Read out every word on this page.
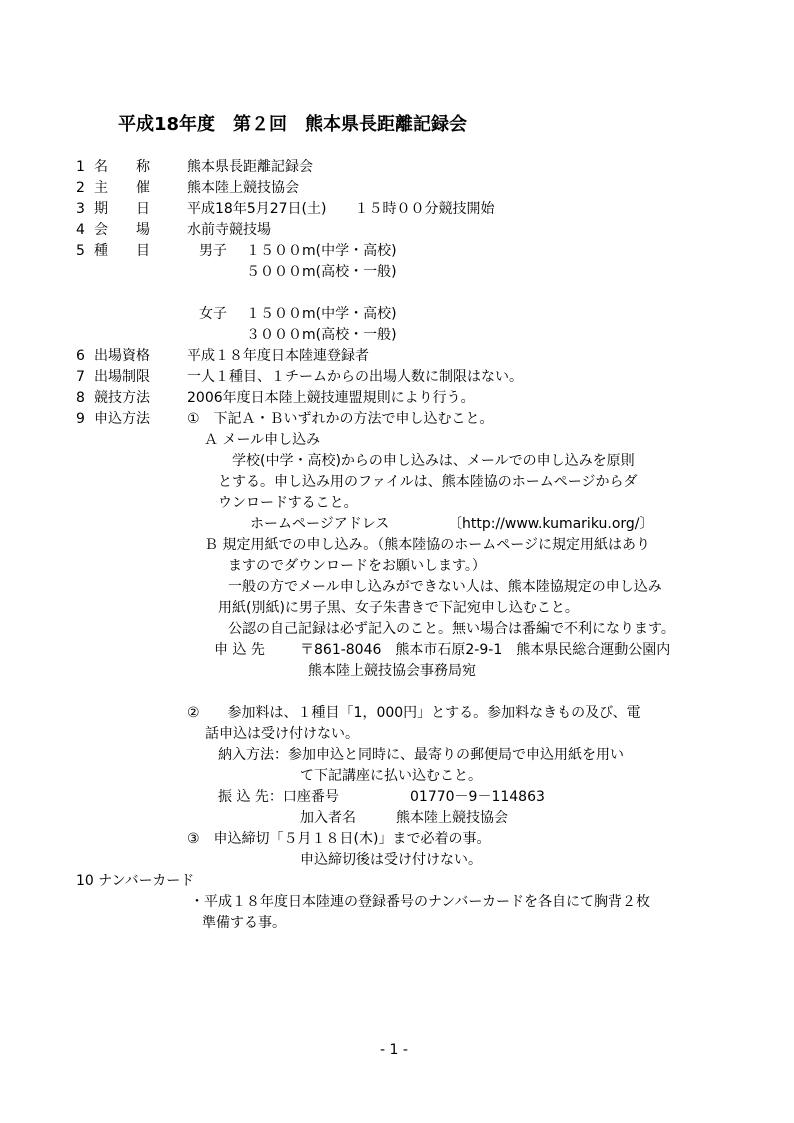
平成18年度　第２回　熊本県長距離記録会
1 名　　称	熊本県長距離記録会
2 主　　催	熊本陸上競技協会
3 期　　日	平成18年5月27日(土)　　１５時００分競技開始
4 会　　場	水前寺競技場
5 種　　目	男子 １５００m(中学・高校)
５０００m(高校・一般)
女子 １５００m(中学・高校)
３０００m(高校・一般)
6 出場資格	平成１８年度日本陸連登録者
7 出場制限	一人１種目、１チームからの出場人数に制限はない。
8 競技方法	2006年度日本陸上競技連盟規則により行う。
9 申込方法	①　下記Ａ・Ｂいずれかの方法で申し込むこと。
Ａ メール申し込み
学校(中学・高校)からの申し込みは、メールでの申し込みを原則
とする。申し込み用のファイルは、熊本陸協のホームページからダ
ウンロードすること。
ホームページアドレス	〔http://www.kumariku.org/〕
Ｂ 規定用紙での申し込み。（熊本陸協のホームページに規定用紙はあり
ますのでダウンロードをお願いします。）
一般の方でメール申し込みができない人は、熊本陸協規定の申し込み
用紙(別紙)に男子黒、女子朱書きで下記宛申し込むこと。
公認の自己記録は必ず記入のこと。無い場合は番編で不利になります。
申 込 先	〒861-8046　熊本市石原2-9-1　熊本県民総合運動公園内
熊本陸上競技協会事務局宛
②　　参加料は、１種目「1，000円」とする。参加料なきもの及び、電
話申込は受け付けない。
納入方法：参加申込と同時に、最寄りの郵便局で申込用紙を用い
て下記講座に払い込むこと。
振 込 先：口座番号	01770－9－114863
加入者名	熊本陸上競技協会
③　申込締切「５月１８日(木)」まで必着の事。
申込締切後は受け付けない。
10 ナンバーカード
・平成１８年度日本陸連の登録番号のナンバーカードを各自にて胸背２枚
準備する事。
- 1 -
